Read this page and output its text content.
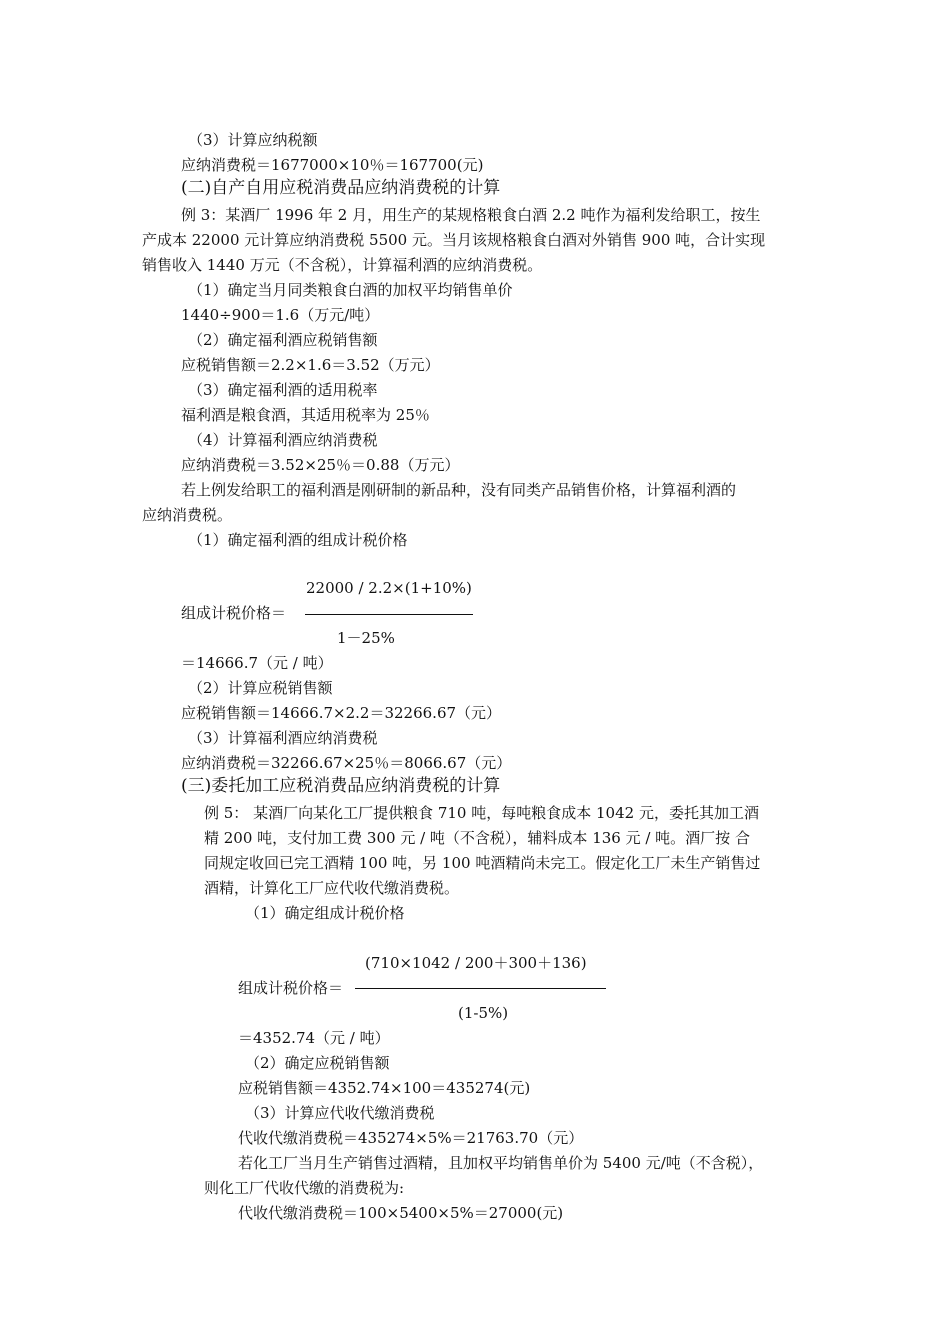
（3）计算应纳税额
应纳消费税＝1677000×10％＝167700(元)
(二)自产自用应税消费品应纳消费税的计算
例 3：某酒厂 1996 年 2 月，用生产的某规格粮食白酒 2.2 吨作为福利发给职工，按生
产成本 22000 元计算应纳消费税 5500 元。当月该规格粮食白酒对外销售 900 吨，合计实现
销售收入 1440 万元（不含税），计算福利酒的应纳消费税。
（1）确定当月同类粮食白酒的加权平均销售单价
1440÷900＝1.6（万元/吨）
（2）确定福利酒应税销售额
应税销售额＝2.2×1.6＝3.52（万元）
（3）确定福利酒的适用税率
福利酒是粮食酒，其适用税率为 25％
（4）计算福利酒应纳消费税
应纳消费税＝3.52×25％＝0.88（万元）
若上例发给职工的福利酒是刚研制的新品种，没有同类产品销售价格，计算福利酒的
应纳消费税。
（1）确定福利酒的组成计税价格
22000 / 2.2×(1+10%)
组成计税价格＝
1－25%
＝14666.7（元 / 吨）
（2）计算应税销售额
应税销售额＝14666.7×2.2＝32266.67（元）
（3）计算福利酒应纳消费税
应纳消费税＝32266.67×25％＝8066.67（元）
(三)委托加工应税消费品应纳消费税的计算
例 5： 某酒厂向某化工厂提供粮食 710 吨，每吨粮食成本 1042 元，委托其加工酒
精 200 吨，支付加工费 300 元 / 吨（不含税），辅料成本 136 元 / 吨。酒厂按 合
同规定收回已完工酒精 100 吨，另 100 吨酒精尚未完工。假定化工厂未生产销售过
酒精，计算化工厂应代收代缴消费税。
（1）确定组成计税价格
(710×1042 / 200＋300＋136)
组成计税价格＝
(1-5%)
＝4352.74（元 / 吨）
（2）确定应税销售额
应税销售额＝4352.74×100＝435274(元)
（3）计算应代收代缴消费税
代收代缴消费税＝435274×5%＝21763.70（元）
若化工厂当月生产销售过酒精，且加权平均销售单价为 5400 元/吨（不含税），
则化工厂代收代缴的消费税为:
代收代缴消费税＝100×5400×5%＝27000(元)
